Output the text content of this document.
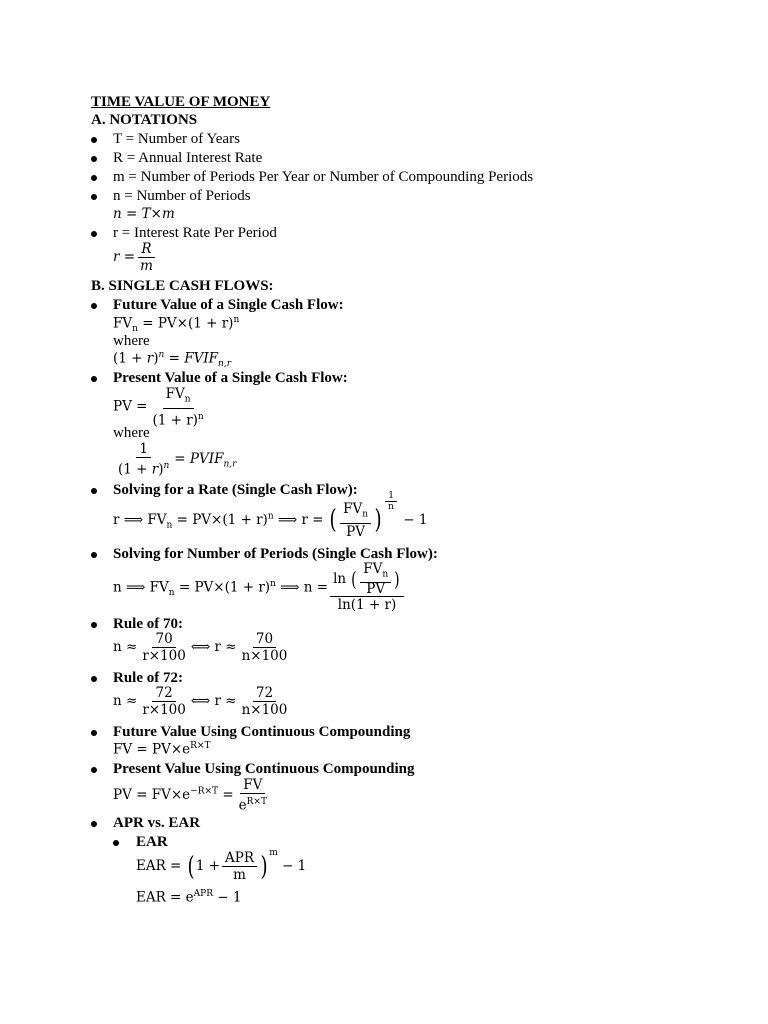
TIME VALUE OF MONEY
A. NOTATIONS
T = Number of Years
R = Annual Interest Rate
m = Number of Periods Per Year or Number of Compounding Periods
n = Number of Periods
n = T×m
r = Interest Rate Per Period
$r = \frac{R}{m}$
B. SINGLE CASH FLOWS:
Future Value of a Single Cash Flow:
$FV_n = PV\times(1 + r)^n$
where
$(1 + r)^n$ = $FVIF_{n,r}$
Present Value of a Single Cash Flow:
PV = $\frac{FV_n}{(1 + r)^n}$
where
$\frac{1}{(1 + r)^n}$ = $PVIF_{n,r}$
Solving for a Rate (Single Cash Flow):
r ⟹ $FV_n = PV\times(1 + r)^n$ ⟹ r = ( $\frac{FV_n}{PV}$ )
$^{\frac{1}{n}}$
− 1
Solving for Number of Periods (Single Cash Flow):
n ⟹ $FV_n = PV\times(1 + r)^n$ ⟹ $n = \frac{\ln ( \frac{FV_n}{PV} )}{\ln(1 + r)}$
Rule of 70:
$n \approx \frac{70}{r\times 100}$ ⟺ $r \approx \frac{70}{n\times 100}$
Rule of 72:
$n \approx \frac{72}{r\times 100}$ ⟺ $r \approx \frac{72}{n\times 100}$
Future Value Using Continuous Compounding
FV = $PV\times e^{R\times T}$
Present Value Using Continuous Compounding
PV = $FV\times e^{-R\times T} = \frac{FV}{e^{R\times T}}$
APR vs. EAR
EAR
EAR = ( $1 + \frac{\text{APR}}{m}$ ) $^m$ − 1
EAR = $e^{APR} - 1$
